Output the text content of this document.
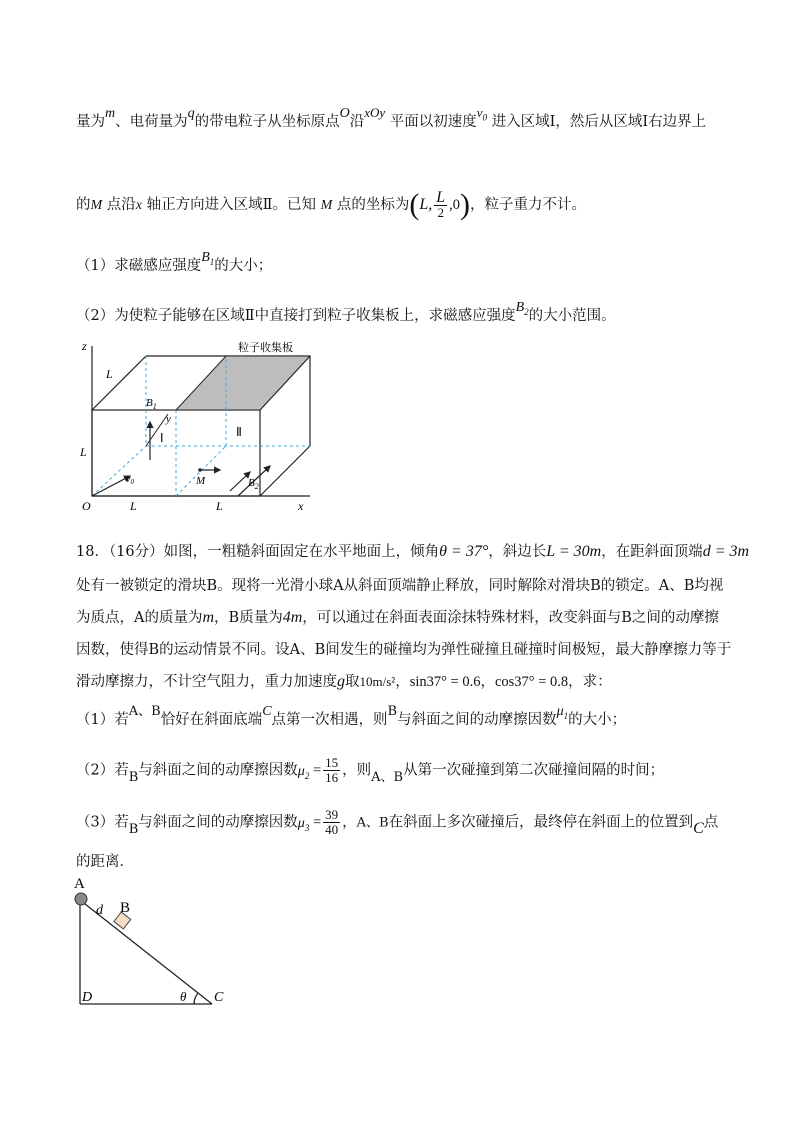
量为m、电荷量为q的带电粒子从坐标原点O沿xOy 平面以初速度$v_0$ 进入区域Ⅰ，然后从区域Ⅰ右边界上
的M 点沿x 轴正方向进入区域Ⅱ。已知 M 点的坐标为(L, $\frac{L}{2} ,0$)，粒子重力不计。
（1）求磁感应强度$B_1$的大小；
（2）为使粒子能够在区域Ⅱ中直接打到粒子收集板上，求磁感应强度$B_2$的大小范围。
粒子收集板
z
L
L
L	L
$B_1$
y
Ⅰ	Ⅱ
$v_0$	M	$B_2$
O	x
18．（16分）如图，一粗糙斜面固定在水平地面上，倾角θ = 37°，斜边长L = 30m，在距斜面顶端d = 3m
处有一被锁定的滑块B。现将一光滑小球A从斜面顶端静止释放，同时解除对滑块B的锁定。A、B均视
为质点，A的质量为m，B质量为4m，可以通过在斜面表面涂抹特殊材料，改变斜面与B之间的动摩擦
因数，使得B的运动情景不同。设A、B间发生的碰撞均为弹性碰撞且碰撞时间极短，最大静摩擦力等于
滑动摩擦力，不计空气阻力，重力加速度g取10m/s²，sin37° = 0.6，cos37° = 0.8，求：
（1）若A、B恰好在斜面底端C点第一次相遇，则B与斜面之间的动摩擦因数$\mu_1$的大小；
（2）若B与斜面之间的动摩擦因数$\mu_2 = \frac{15}{16}$ ，则A、B从第一次碰撞到第二次碰撞间隔的时间；
（3）若B与斜面之间的动摩擦因数$\mu_3 = \frac{39}{40}$ ，A、B在斜面上多次碰撞后，最终停在斜面上的位置到C点
的距离．
A
d B
D	θ C
